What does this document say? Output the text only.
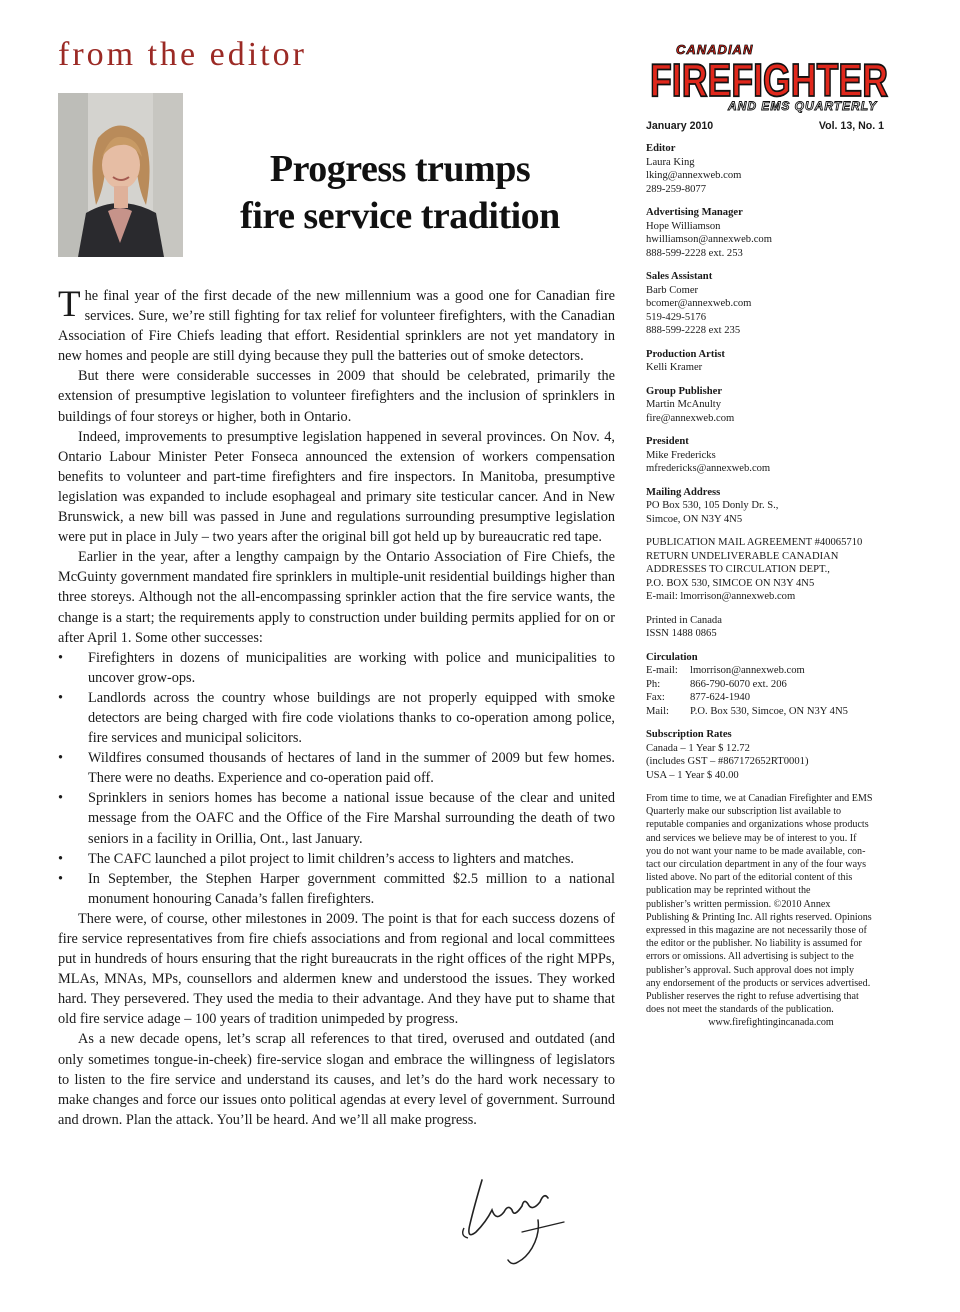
from the editor
Progress trumps
fire service tradition

The final year of the first decade of the new millennium was a good one for Canadian fire services. Sure, we’re still fighting for tax relief for volunteer firefighters, with the Canadian Association of Fire Chiefs leading that effort. Residential sprinklers are not yet mandatory in new homes and people are still dying because they pull the batteries out of smoke detectors.

But there were considerable successes in 2009 that should be celebrated, primarily the extension of presumptive legislation to volunteer firefighters and the inclusion of sprinklers in buildings of four storeys or higher, both in Ontario.

Indeed, improvements to presumptive legislation happened in several provinces. On Nov. 4, Ontario Labour Minister Peter Fonseca announced the extension of workers compensation benefits to volunteer and part-time firefighters and fire inspectors. In Manitoba, presumptive legislation was expanded to include esophageal and primary site testicular cancer. And in New Brunswick, a new bill was passed in June and regulations surrounding presumptive legislation were put in place in July – two years after the original bill got held up by bureaucratic red tape.

Earlier in the year, after a lengthy campaign by the Ontario Association of Fire Chiefs, the McGuinty government mandated fire sprinklers in multiple-unit residential buildings higher than three storeys. Although not the all-encompassing sprinkler action that the fire service wants, the change is a start; the requirements apply to construction under building permits applied for on or after April 1. Some other successes:

• Firefighters in dozens of municipalities are working with police and municipalities to uncover grow-ops.
• Landlords across the country whose buildings are not properly equipped with smoke detectors are being charged with fire code violations thanks to co-operation among police, fire services and municipal solicitors.
• Wildfires consumed thousands of hectares of land in the summer of 2009 but few homes. There were no deaths. Experience and co-operation paid off.
• Sprinklers in seniors homes has become a national issue because of the clear and united message from the OAFC and the Office of the Fire Marshal surrounding the death of two seniors in a facility in Orillia, Ont., last January.
• The CAFC launched a pilot project to limit children’s access to lighters and matches.
• In September, the Stephen Harper government committed $2.5 million to a national monument honouring Canada’s fallen firefighters.

There were, of course, other milestones in 2009. The point is that for each success dozens of fire service representatives from fire chiefs associations and from regional and local committees put in hundreds of hours ensuring that the right bureaucrats in the right offices of the right MPPs, MLAs, MNAs, MPs, counsellors and aldermen knew and understood the issues. They worked hard. They persevered. They used the media to their advantage. And they have put to shame that old fire service adage – 100 years of tradition unimpeded by progress.

As a new decade opens, let’s scrap all references to that tired, overused and outdated (and only sometimes tongue-in-cheek) fire-service slogan and embrace the willingness of legislators to listen to the fire service and understand its causes, and let’s do the hard work necessary to make changes and force our issues onto political agendas at every level of government. Surround and drown. Plan the attack. You’ll be heard. And we’ll all make progress.

CANADIAN
FIREFIGHTER
AND EMS QUARTERLY
January 2010	Vol. 13, No. 1
Editor
Laura King
lking@annexweb.com
289-259-8077
Advertising Manager
Hope Williamson
hwilliamson@annexweb.com
888-599-2228 ext. 253
Sales Assistant
Barb Comer
bcomer@annexweb.com
519-429-5176
888-599-2228 ext 235
Production Artist
Kelli Kramer
Group Publisher
Martin McAnulty
fire@annexweb.com
President
Mike Fredericks
mfredericks@annexweb.com
Mailing Address
PO Box 530, 105 Donly Dr. S.,
Simcoe, ON N3Y 4N5
PUBLICATION MAIL AGREEMENT #40065710
RETURN UNDELIVERABLE CANADIAN
ADDRESSES TO CIRCULATION DEPT.,
P.O. BOX 530, SIMCOE ON N3Y 4N5
E-mail: lmorrison@annexweb.com
Printed in Canada
ISSN 1488 0865
Circulation
E-mail:	lmorrison@annexweb.com
Ph:	866-790-6070 ext. 206
Fax:	877-624-1940
Mail:	P.O. Box 530, Simcoe, ON N3Y 4N5
Subscription Rates
Canada – 1 Year $ 12.72
(includes GST – #867172652RT0001)
USA – 1 Year $ 40.00
From time to time, we at Canadian Firefighter and EMS
Quarterly make our subscription list available to
reputable companies and organizations whose products
and services we believe may be of interest to you. If
you do not want your name to be made available, con-
tact our circulation department in any of the four ways
listed above. No part of the editorial content of this
publication may be reprinted without the
publisher’s written permission. ©2010 Annex
Publishing & Printing Inc. All rights reserved. Opinions
expressed in this magazine are not necessarily those of
the editor or the publisher. No liability is assumed for
errors or omissions. All advertising is subject to the
publisher’s approval. Such approval does not imply
any endorsement of the products or services advertised.
Publisher reserves the right to refuse advertising that
does not meet the standards of the publication.
www.firefightingincanada.com
